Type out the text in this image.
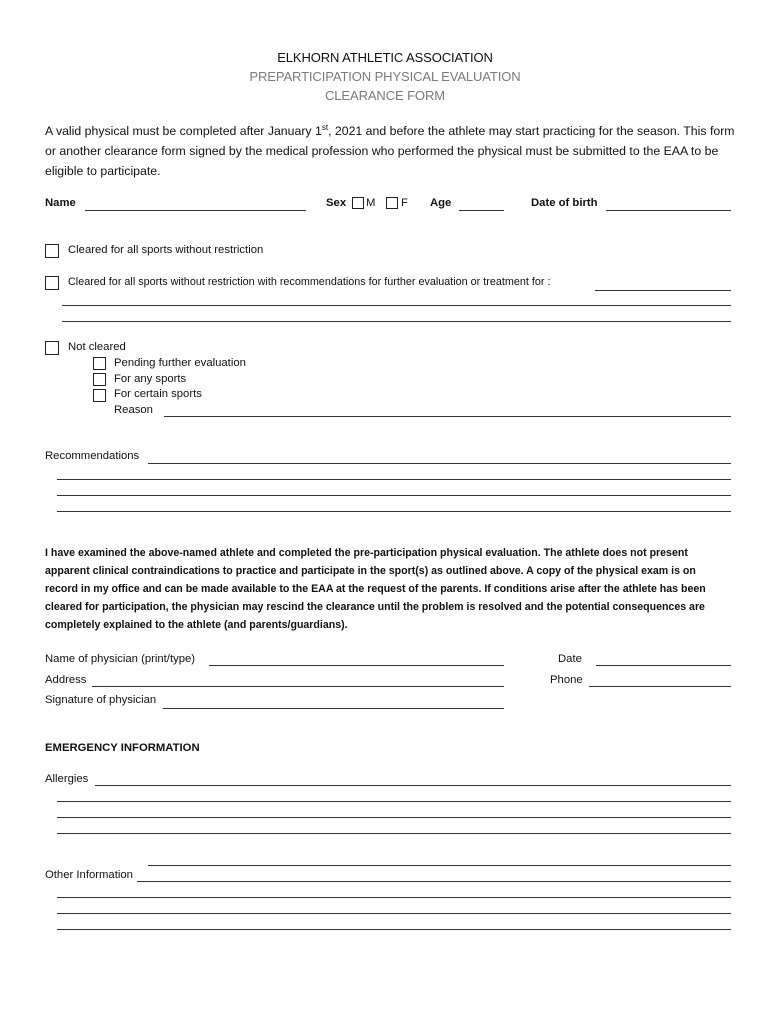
ELKHORN ATHLETIC ASSOCIATION
PREPARTICIPATION PHYSICAL EVALUATION
CLEARANCE FORM
A valid physical must be completed after January 1st, 2021 and before the athlete may start practicing for the season. This form or another clearance form signed by the medical profession who performed the physical must be submitted to the EAA to be eligible to participate.
Name	Sex M F Age	Date of birth
Cleared for all sports without restriction
Cleared for all sports without restriction with recommendations for further evaluation or treatment for :
Not cleared
Pending further evaluation
For any sports
For certain sports
Reason
Recommendations
I have examined the above-named athlete and completed the pre-participation physical evaluation. The athlete does not present apparent clinical contraindications to practice and participate in the sport(s) as outlined above. A copy of the physical exam is on record in my office and can be made available to the EAA at the request of the parents. If conditions arise after the athlete has been cleared for participation, the physician may rescind the clearance until the problem is resolved and the potential consequences are completely explained to the athlete (and parents/guardians).
Name of physician (print/type)	Date
Address	Phone
Signature of physician
EMERGENCY INFORMATION
Allergies
Other Information
